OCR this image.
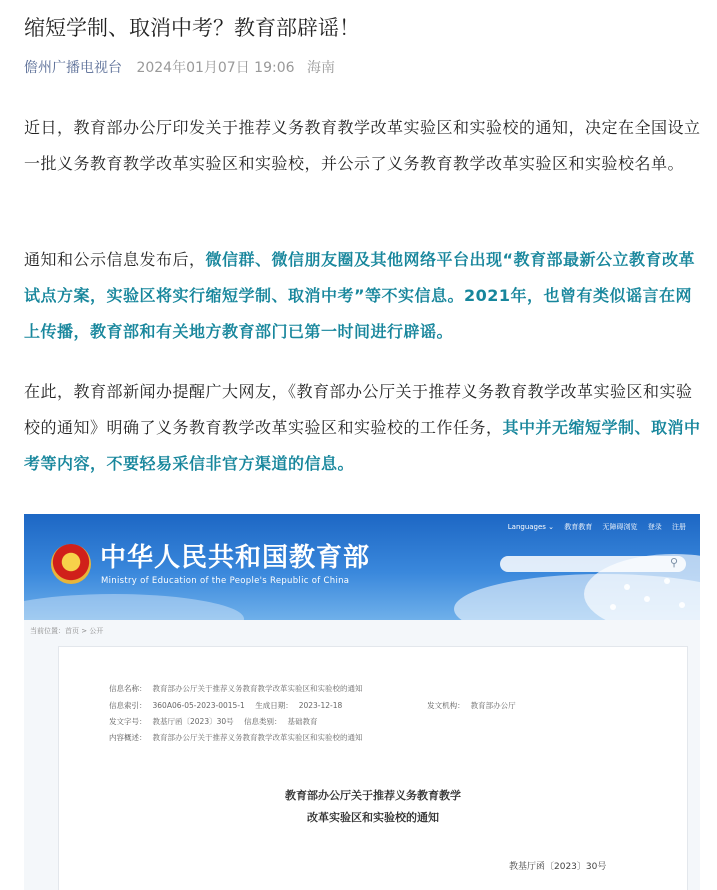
缩短学制、取消中考？教育部辟谣！
儋州广播电视台 2024年01月07日 19:06 海南
近日，教育部办公厅印发关于推荐义务教育教学改革实验区和实验校的通知，决定在全国设立一批义务教育教学改革实验区和实验校，并公示了义务教育教学改革实验区和实验校名单。
通知和公示信息发布后，微信群、微信朋友圈及其他网络平台出现“教育部最新公立教育改革试点方案，实验区将实行缩短学制、取消中考”等不实信息。2021年，也曾有类似谣言在网上传播，教育部和有关地方教育部门已第一时间进行辟谣。
在此，教育部新闻办提醒广大网友，《教育部办公厅关于推荐义务教育教学改革实验区和实验校的通知》明确了义务教育教学改革实验区和实验校的工作任务，其中并无缩短学制、取消中考等内容，不要轻易采信非官方渠道的信息。
Languages ⌄ 教育教育 无障碍浏览 登录 注册
★ 中华人民共和国教育部
Ministry of Education of the People's Republic of China
⚲
当前位置：首页 > 公开
信息名称： 教育部办公厅关于推荐义务教育教学改革实验区和实验校的通知
信息索引： 360A06-05-2023-0015-1 生成日期： 2023-12-18	发文机构： 教育部办公厅
发文字号： 教基厅函〔2023〕30号 信息类别： 基础教育
内容概述： 教育部办公厅关于推荐义务教育教学改革实验区和实验校的通知
教育部办公厅关于推荐义务教育教学
改革实验区和实验校的通知
教基厅函〔2023〕30号
